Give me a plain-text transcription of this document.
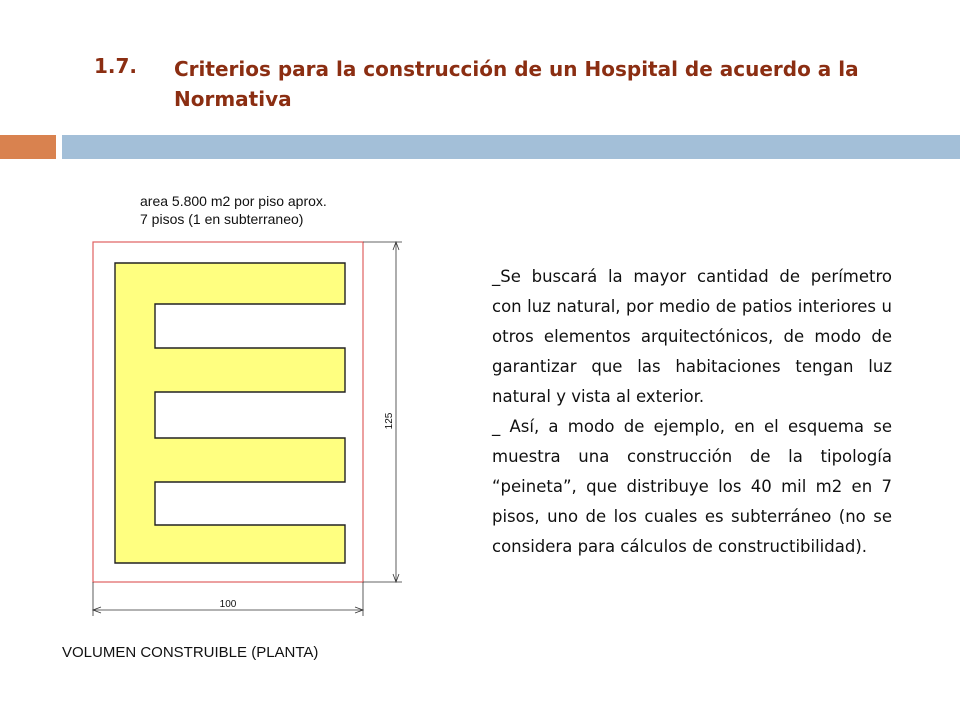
1.7. Criterios para la construcción de un Hospital de acuerdo a la Normativa
area 5.800 m2 por piso aprox.
7 pisos (1 en subterraneo)
125
100

_Se buscará la mayor cantidad de perímetro con luz natural, por medio de patios interiores u otros elementos arquitectónicos, de modo de garantizar que las habitaciones tengan luz natural y vista al exterior.

_ Así, a modo de ejemplo, en el esquema se muestra una construcción de la tipología “peineta”, que distribuye los 40 mil m2 en 7 pisos, uno de los cuales es subterráneo (no se considera para cálculos de constructibilidad).

VOLUMEN CONSTRUIBLE (PLANTA)
